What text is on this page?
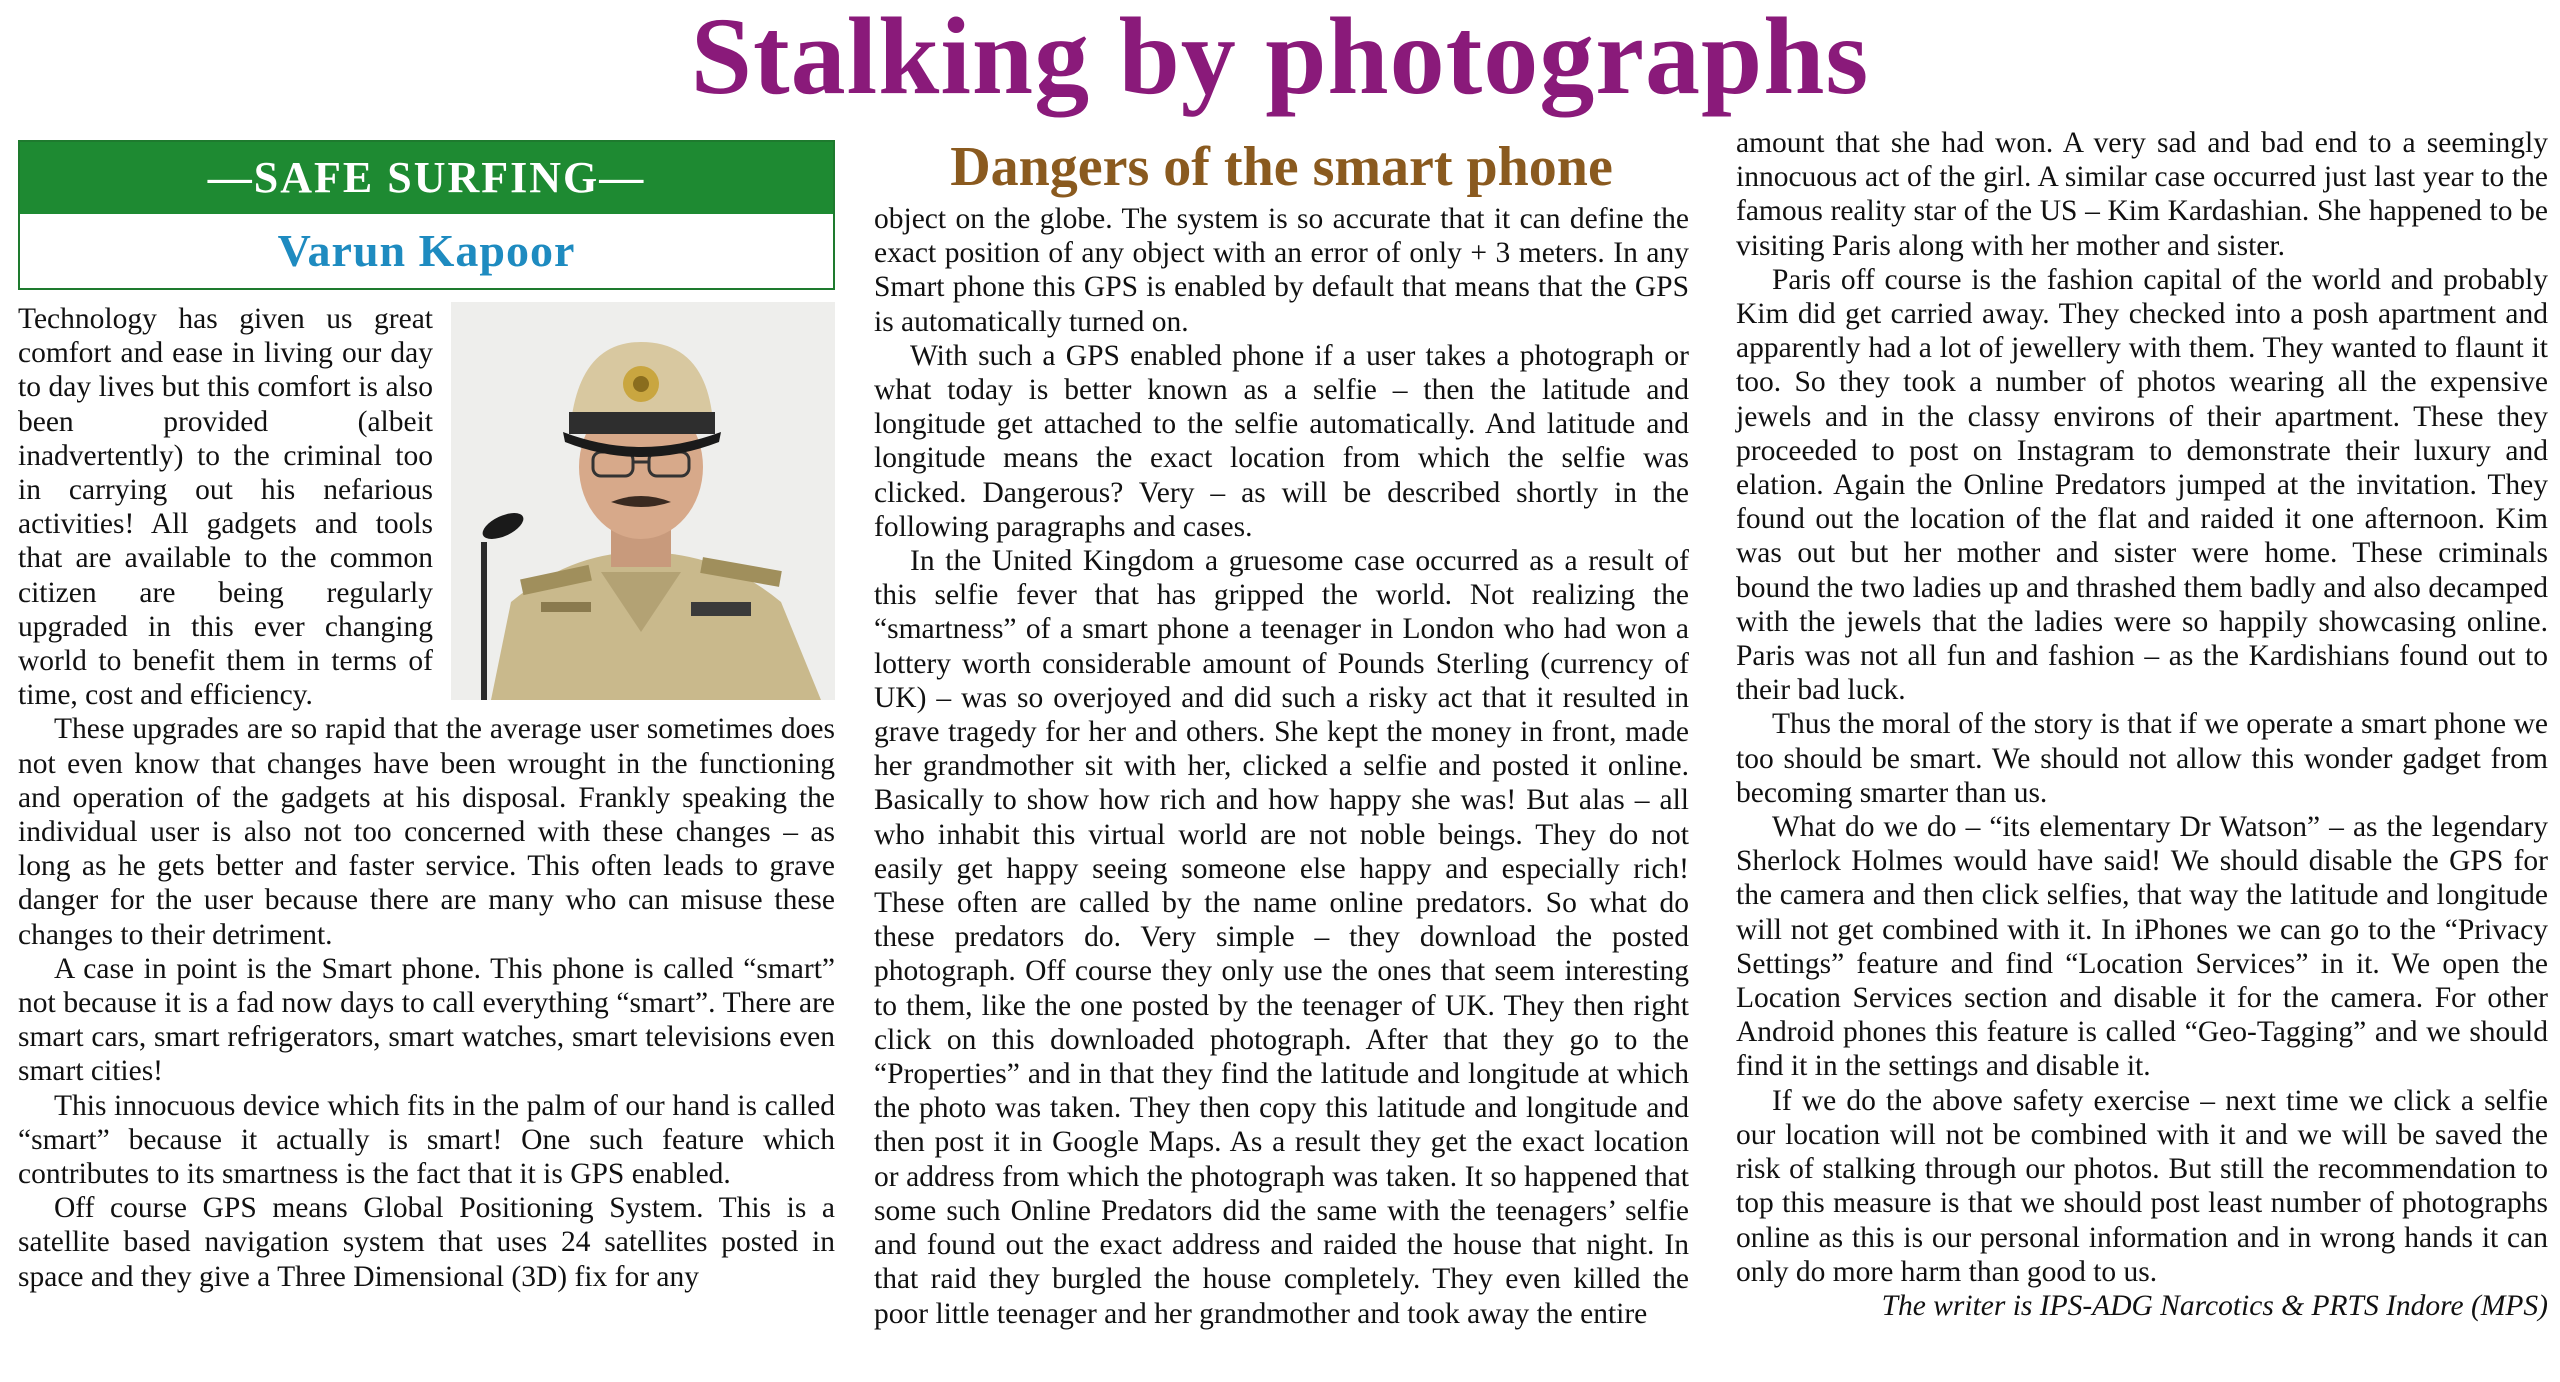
Stalking by photographs
—SAFE SURFING—
Varun Kapoor
Dangers of the smart phone

Technology has given us great comfort and ease in living our day to day lives but this comfort is also been provided (albeit inadvertently) to the criminal too in carrying out his nefarious activities! All gadgets and tools that are available to the common citizen are being regularly upgraded in this ever changing world to benefit them in terms of time, cost and efficiency.

These upgrades are so rapid that the average user sometimes does not even know that changes have been wrought in the functioning and operation of the gadgets at his disposal. Frankly speaking the individual user is also not too concerned with these changes – as long as he gets better and faster service. This often leads to grave danger for the user because there are many who can misuse these changes to their detriment.

A case in point is the Smart phone. This phone is called “smart” not because it is a fad now days to call everything “smart”. There are smart cars, smart refrigerators, smart watches, smart televisions even smart cities!

This innocuous device which fits in the palm of our hand is called “smart” because it actually is smart! One such feature which contributes to its smartness is the fact that it is GPS enabled.

Off course GPS means Global Positioning System. This is a satellite based navigation system that uses 24 satellites posted in space and they give a Three Dimensional (3D) fix for any

object on the globe. The system is so accurate that it can define the exact position of any object with an error of only + 3 meters. In any Smart phone this GPS is enabled by default that means that the GPS is automatically turned on.

With such a GPS enabled phone if a user takes a photograph or what today is better known as a selfie – then the latitude and longitude get attached to the selfie automatically. And latitude and longitude means the exact location from which the selfie was clicked. Dangerous? Very – as will be described shortly in the following paragraphs and cases.

In the United Kingdom a gruesome case occurred as a result of this selfie fever that has gripped the world. Not realizing the “smartness” of a smart phone a teenager in London who had won a lottery worth considerable amount of Pounds Sterling (currency of UK) – was so overjoyed and did such a risky act that it resulted in grave tragedy for her and others. She kept the money in front, made her grandmother sit with her, clicked a selfie and posted it online. Basically to show how rich and how happy she was! But alas – all who inhabit this virtual world are not noble beings. They do not easily get happy seeing someone else happy and especially rich! These often are called by the name online predators. So what do these predators do. Very simple – they download the posted photograph. Off course they only use the ones that seem interesting to them, like the one posted by the teenager of UK. They then right click on this downloaded photograph. After that they go to the “Properties” and in that they find the latitude and longitude at which the photo was taken. They then copy this latitude and longitude and then post it in Google Maps. As a result they get the exact location or address from which the photograph was taken. It so happened that some such Online Predators did the same with the teenagers’ selfie and found out the exact address and raided the house that night. In that raid they burgled the house completely. They even killed the poor little teenager and her grandmother and took away the entire

amount that she had won. A very sad and bad end to a seemingly innocuous act of the girl. A similar case occurred just last year to the famous reality star of the US – Kim Kardashian. She happened to be visiting Paris along with her mother and sister.

Paris off course is the fashion capital of the world and probably Kim did get carried away. They checked into a posh apartment and apparently had a lot of jewellery with them. They wanted to flaunt it too. So they took a number of photos wearing all the expensive jewels and in the classy environs of their apartment. These they proceeded to post on Instagram to demonstrate their luxury and elation. Again the Online Predators jumped at the invitation. They found out the location of the flat and raided it one afternoon. Kim was out but her mother and sister were home. These criminals bound the two ladies up and thrashed them badly and also decamped with the jewels that the ladies were so happily showcasing online. Paris was not all fun and fashion – as the Kardishians found out to their bad luck.

Thus the moral of the story is that if we operate a smart phone we too should be smart. We should not allow this wonder gadget from becoming smarter than us.

What do we do – “its elementary Dr Watson” – as the legendary Sherlock Holmes would have said! We should disable the GPS for the camera and then click selfies, that way the latitude and longitude will not get combined with it. In iPhones we can go to the “Privacy Settings” feature and find “Location Services” in it. We open the Location Services section and disable it for the camera. For other Android phones this feature is called “Geo-Tagging” and we should find it in the settings and disable it.

If we do the above safety exercise – next time we click a selfie our location will not be combined with it and we will be saved the risk of stalking through our photos. But still the recommendation to top this measure is that we should post least number of photographs online as this is our personal information and in wrong hands it can only do more harm than good to us.

The writer is IPS-ADG Narcotics & PRTS Indore (MPS)
